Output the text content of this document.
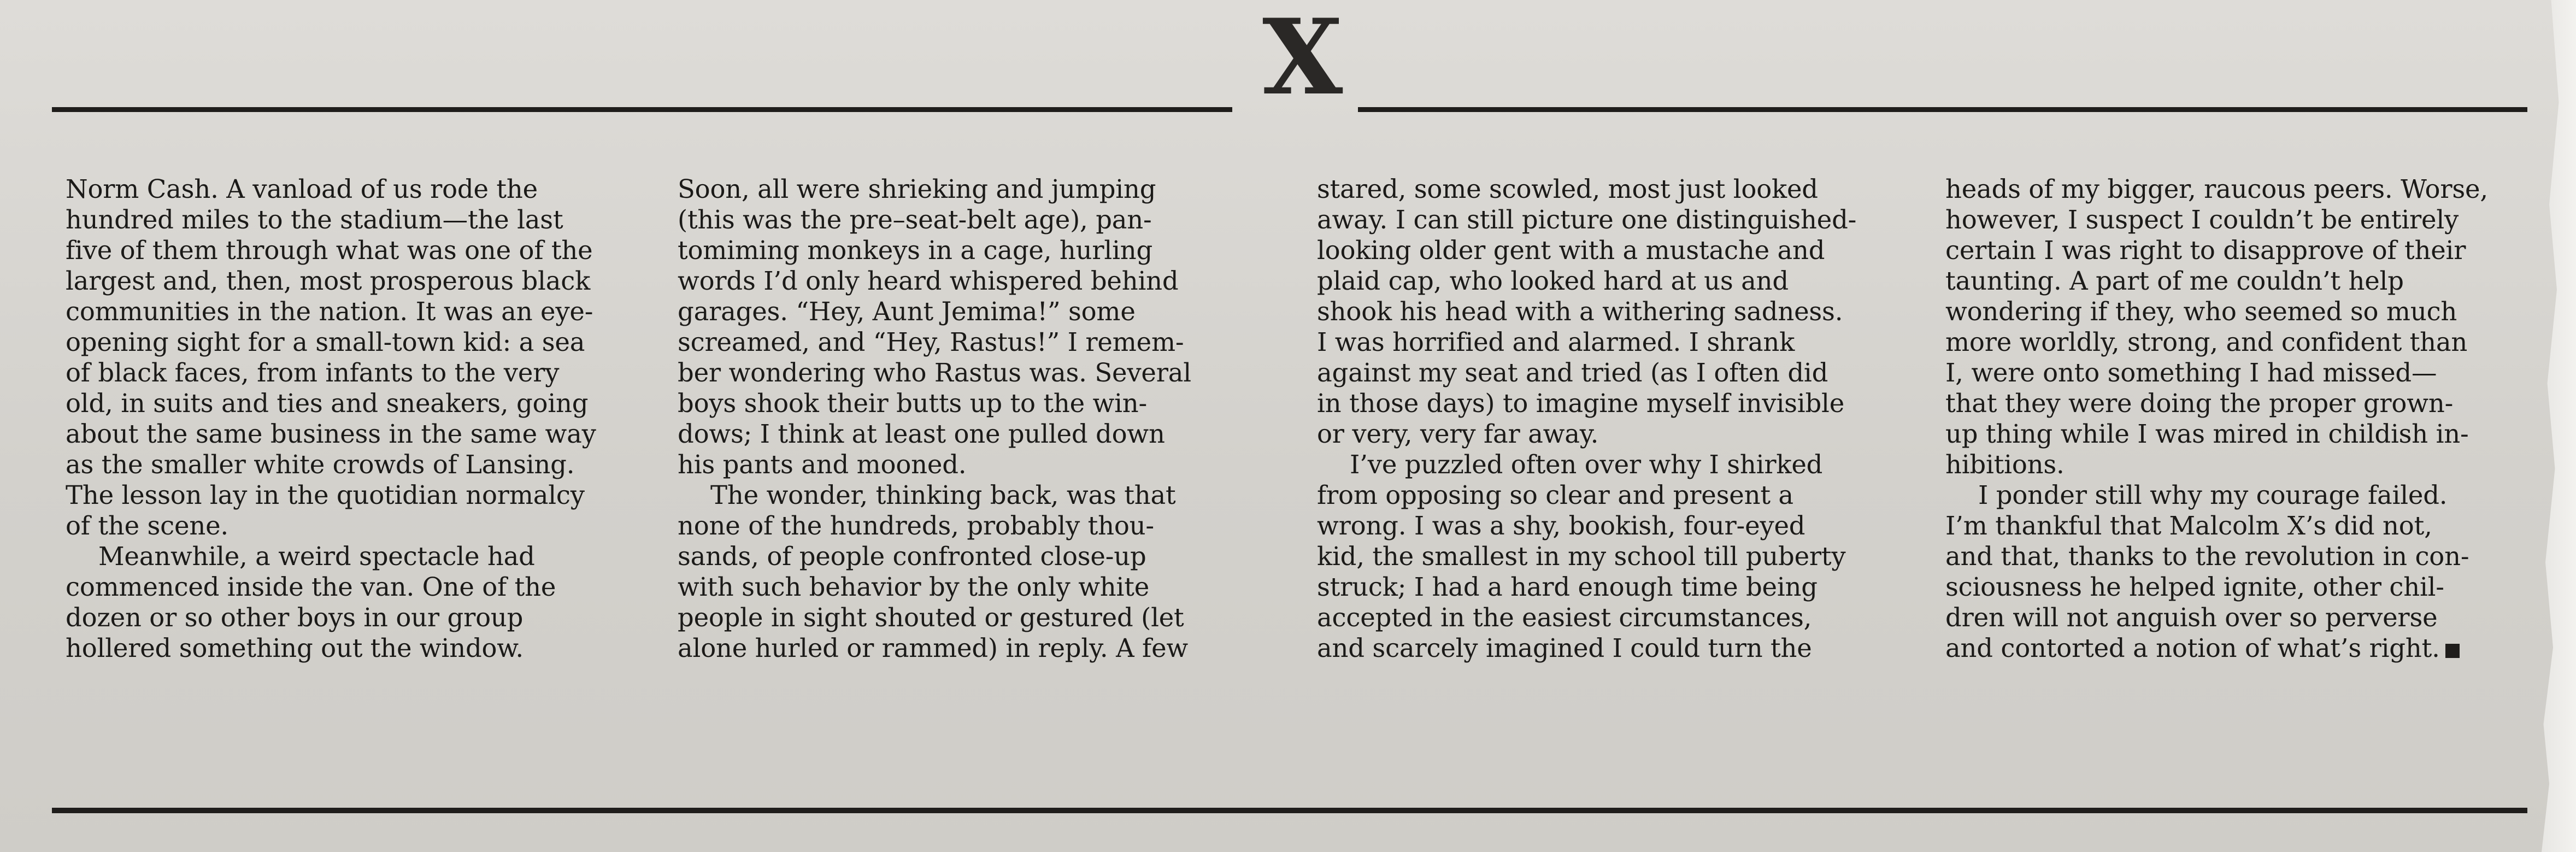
X
Norm Cash. A vanload of us rode the
hundred miles to the stadium—the last
five of them through what was one of the
largest and, then, most prosperous black
communities in the nation. It was an eye-
opening sight for a small-town kid: a sea
of black faces, from infants to the very
old, in suits and ties and sneakers, going
about the same business in the same way
as the smaller white crowds of Lansing.
The lesson lay in the quotidian normalcy
of the scene.
Meanwhile, a weird spectacle had
commenced inside the van. One of the
dozen or so other boys in our group
hollered something out the window.
Soon, all were shrieking and jumping
(this was the pre–seat-belt age), pan-
tomiming monkeys in a cage, hurling
words I’d only heard whispered behind
garages. “Hey, Aunt Jemima!” some
screamed, and “Hey, Rastus!” I remem-
ber wondering who Rastus was. Several
boys shook their butts up to the win-
dows; I think at least one pulled down
his pants and mooned.
The wonder, thinking back, was that
none of the hundreds, probably thou-
sands, of people confronted close-up
with such behavior by the only white
people in sight shouted or gestured (let
alone hurled or rammed) in reply. A few
stared, some scowled, most just looked
away. I can still picture one distinguished-
looking older gent with a mustache and
plaid cap, who looked hard at us and
shook his head with a withering sadness.
I was horrified and alarmed. I shrank
against my seat and tried (as I often did
in those days) to imagine myself invisible
or very, very far away.
I’ve puzzled often over why I shirked
from opposing so clear and present a
wrong. I was a shy, bookish, four-eyed
kid, the smallest in my school till puberty
struck; I had a hard enough time being
accepted in the easiest circumstances,
and scarcely imagined I could turn the
heads of my bigger, raucous peers. Worse,
however, I suspect I couldn’t be entirely
certain I was right to disapprove of their
taunting. A part of me couldn’t help
wondering if they, who seemed so much
more worldly, strong, and confident than
I, were onto something I had missed—
that they were doing the proper grown-
up thing while I was mired in childish in-
hibitions.
I ponder still why my courage failed.
I’m thankful that Malcolm X’s did not,
and that, thanks to the revolution in con-
sciousness he helped ignite, other chil-
dren will not anguish over so perverse
and contorted a notion of what’s right.
